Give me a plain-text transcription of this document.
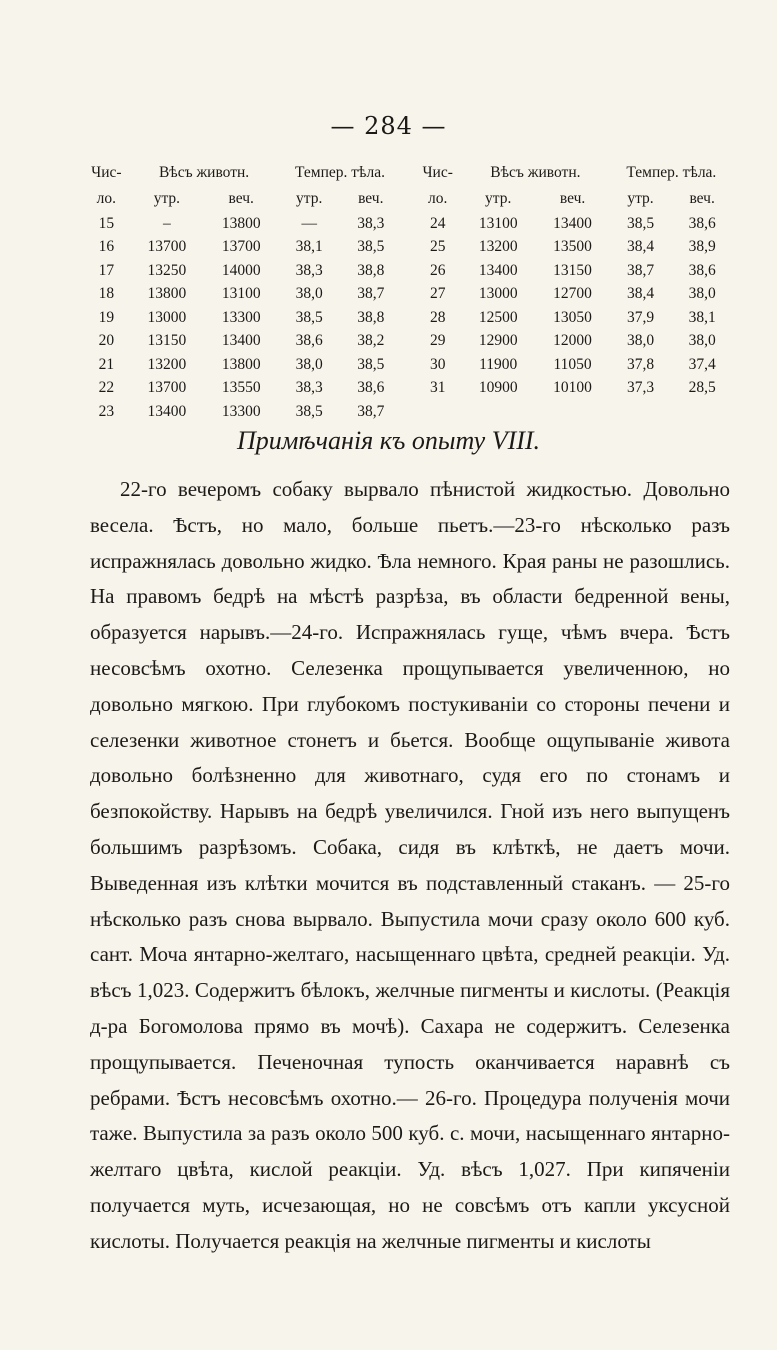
— 284 —
Чис-	Вѣсъ животн.		Темпер. тѣла.			Чис-	Вѣсъ животн.		Темпер. тѣла.	
ло.	утр.	веч.	утр.	веч.		ло.	утр.	веч.	утр.	веч.
15	–	13800	—	38,3		24	13100	13400	38,5	38,6
16	13700	13700	38,1	38,5		25	13200	13500	38,4	38,9
17	13250	14000	38,3	38,8		26	13400	13150	38,7	38,6
18	13800	13100	38,0	38,7		27	13000	12700	38,4	38,0
19	13000	13300	38,5	38,8		28	12500	13050	37,9	38,1
20	13150	13400	38,6	38,2		29	12900	12000	38,0	38,0
21	13200	13800	38,0	38,5		30	11900	11050	37,8	37,4
22	13700	13550	38,3	38,6		31	10900	10100	37,3	28,5
23	13400	13300	38,5	38,7						
Примѣчанія къ опыту VIII.

22-го вечеромъ собаку вырвало пѣнистой жидкостью. Довольно весела. Ѣстъ, но мало, больше пьетъ.—23-го нѣсколько разъ испражнялась довольно жидко. Ѣла немного. Края раны не разошлись. На правомъ бедрѣ на мѣстѣ разрѣза, въ области бедренной вены, образуется нарывъ.—24-го. Испражнялась гуще, чѣмъ вчера. Ѣстъ несовсѣмъ охотно. Селезенка прощупывается увеличенною, но довольно мягкою. При глубокомъ постукиваніи со стороны печени и селезенки животное стонетъ и бьется. Вообще ощупываніе живота довольно болѣзненно для животнаго, судя его по стонамъ и безпокойству. Нарывъ на бедрѣ увеличился. Гной изъ него выпущенъ большимъ разрѣзомъ. Собака, сидя въ клѣткѣ, не даетъ мочи. Выведенная изъ клѣтки мочится въ подставленный стаканъ. — 25-го нѣсколько разъ снова вырвало. Выпустила мочи сразу около 600 куб. сант. Моча янтарно-желтаго, насыщеннаго цвѣта, средней реакціи. Уд. вѣсъ 1,023. Содержитъ бѣлокъ, желчные пигменты и кислоты. (Реакція д-ра Богомолова прямо въ мочѣ). Сахара не содержитъ. Селезенка прощупывается. Печеночная тупость оканчивается наравнѣ съ ребрами. Ѣстъ несовсѣмъ охотно.— 26-го. Процедура полученія мочи таже. Выпустила за разъ около 500 куб. с. мочи, насыщеннаго янтарно-желтаго цвѣта, кислой реакціи. Уд. вѣсъ 1,027. При кипяченіи получается муть, исчезающая, но не совсѣмъ отъ капли уксусной кислоты. Получается реакція на желчные пигменты и кислоты
